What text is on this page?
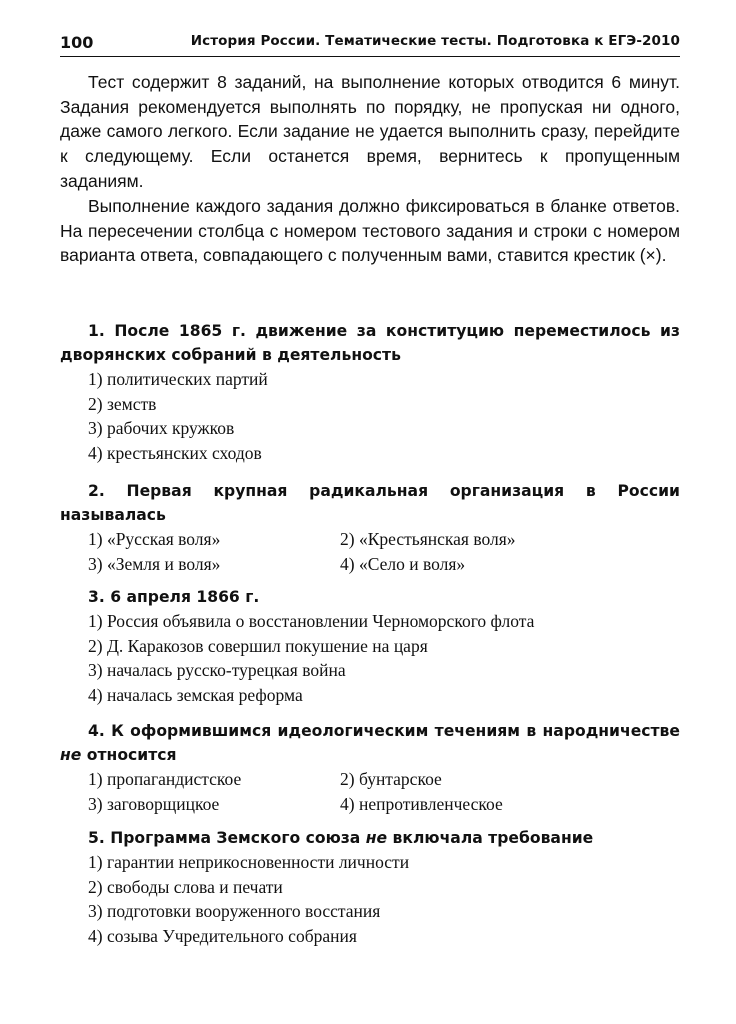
100	История России. Тематические тесты. Подготовка к ЕГЭ-2010

Тест содержит 8 заданий, на выполнение которых отводится 6 минут. Задания рекомендуется выполнять по порядку, не пропуская ни одного, даже самого легкого. Если задание не удается выполнить сразу, перейдите к следующему. Если останется время, вернитесь к пропущенным заданиям.

Выполнение каждого задания должно фиксироваться в бланке ответов. На пересечении столбца с номером тестового задания и строки с номером варианта ответа, совпадающего с полученным вами, ставится крестик (×).

1. После 1865 г. движение за конституцию переместилось из дворянских собраний в деятельность

1) политических партий

2) земств

3) рабочих кружков

4) крестьянских сходов

2. Первая крупная радикальная организация в России называлась

1) «Русская воля»	2) «Крестьянская воля»

3) «Земля и воля»	4) «Село и воля»

3. 6 апреля 1866 г.

1) Россия объявила о восстановлении Черноморского флота

2) Д. Каракозов совершил покушение на царя

3) началась русско-турецкая война

4) началась земская реформа

4. К оформившимся идеологическим течениям в народничестве не относится

1) пропагандистское	2) бунтарское

3) заговорщицкое	4) непротивленческое

5. Программа Земского союза не включала требование

1) гарантии неприкосновенности личности

2) свободы слова и печати

3) подготовки вооруженного восстания

4) созыва Учредительного собрания
